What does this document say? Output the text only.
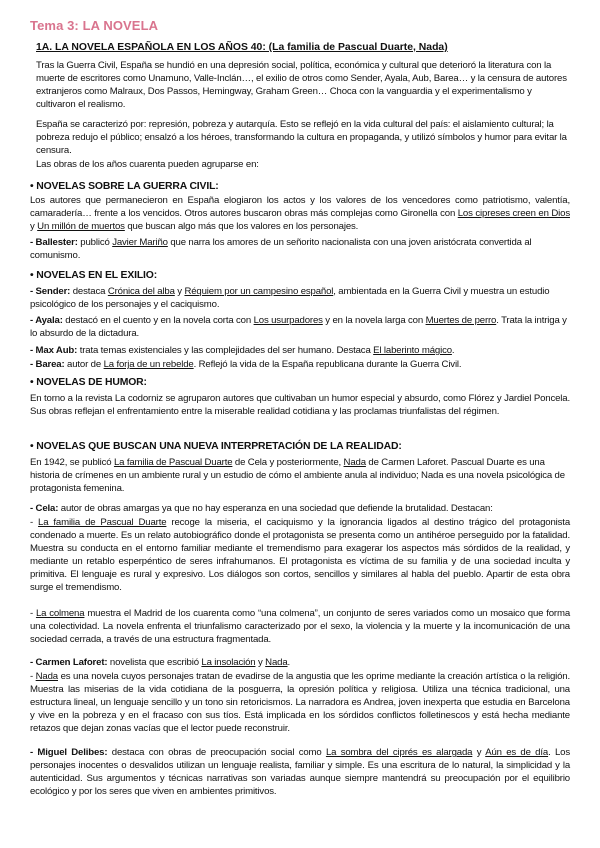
Tema 3: LA NOVELA
1A. LA NOVELA ESPAÑOLA EN LOS AÑOS 40: (La familia de Pascual Duarte, Nada)
Tras la Guerra Civil, España se hundió en una depresión social, política, económica y cultural que deterioró la literatura con la muerte de escritores como Unamuno, Valle-Inclán…, el exilio de otros como Sender, Ayala, Aub, Barea… y la censura de autores extranjeros como Malraux, Dos Passos, Hemingway, Graham Green… Choca con la vanguardia y el experimentalismo y cultivaron el realismo.
España se caracterizó por: represión, pobreza y autarquía. Esto se reflejó en la vida cultural del país: el aislamiento cultural; la pobreza redujo el público; ensalzó a los héroes, transformando la cultura en propaganda, y utilizó símbolos y humor para evitar la censura.
Las obras de los años cuarenta pueden agruparse en:
• NOVELAS SOBRE LA GUERRA CIVIL:
Los autores que permanecieron en España elogiaron los actos y los valores de los vencedores como patriotismo, valentía, camaradería… frente a los vencidos. Otros autores buscaron obras más complejas como Gironella con Los cipreses creen en Dios y Un millón de muertos que buscan algo más que los valores en los personajes.
- Ballester: publicó Javier Mariño que narra los amores de un señorito nacionalista con una joven aristócrata convertida al comunismo.
• NOVELAS EN EL EXILIO:
- Sender: destaca Crónica del alba y Réquiem por un campesino español, ambientada en la Guerra Civil y muestra un estudio psicológico de los personajes y el caciquismo.
- Ayala: destacó en el cuento y en la novela corta con Los usurpadores y en la novela larga con Muertes de perro. Trata la intriga y lo absurdo de la dictadura.
- Max Aub: trata temas existenciales y las complejidades del ser humano. Destaca El laberinto mágico.
- Barea: autor de La forja de un rebelde. Reflejó la vida de la España republicana durante la Guerra Civil.
• NOVELAS DE HUMOR:
En torno a la revista La codorniz se agruparon autores que cultivaban un humor especial y absurdo, como Flórez y Jardiel Poncela. Sus obras reflejan el enfrentamiento entre la miserable realidad cotidiana y las proclamas triunfalistas del régimen.
• NOVELAS QUE BUSCAN UNA NUEVA INTERPRETACIÓN DE LA REALIDAD:
En 1942, se publicó La familia de Pascual Duarte de Cela y posteriormente, Nada de Carmen Laforet. Pascual Duarte es una historia de crímenes en un ambiente rural y un estudio de cómo el ambiente anula al individuo; Nada es una novela psicológica de protagonista femenina.
- Cela: autor de obras amargas ya que no hay esperanza en una sociedad que defiende la brutalidad. Destacan:
- La familia de Pascual Duarte recoge la miseria, el caciquismo y la ignorancia ligados al destino trágico del protagonista condenado a muerte. Es un relato autobiográfico donde el protagonista se presenta como un antihéroe perseguido por la fatalidad. Muestra su conducta en el entorno familiar mediante el tremendismo para exagerar los aspectos más sórdidos de la realidad, y mediante un retablo esperpéntico de seres infrahumanos. El protagonista es víctima de su familia y de una sociedad inculta y primitiva. El lenguaje es rural y expresivo. Los diálogos son cortos, sencillos y similares al habla del pueblo. Apartir de esta obra surge el tremendismo.
- La colmena muestra el Madrid de los cuarenta como “una colmena”, un conjunto de seres variados como un mosaico que forma una colectividad. La novela enfrenta el triunfalismo caracterizado por el sexo, la violencia y la muerte y la incomunicación de una sociedad cerrada, a través de una estructura fragmentada.
- Carmen Laforet: novelista que escribió La insolación y Nada.
- Nada es una novela cuyos personajes tratan de evadirse de la angustia que les oprime mediante la creación artística o la religión. Muestra las miserias de la vida cotidiana de la posguerra, la opresión política y religiosa. Utiliza una técnica tradicional, una estructura lineal, un lenguaje sencillo y un tono sin retoricismos. La narradora es Andrea, joven inexperta que estudia en Barcelona y vive en la pobreza y en el fracaso con sus tíos. Está implicada en los sórdidos conflictos folletinescos y está hecha mediante retazos que dejan zonas vacías que el lector puede reconstruir.
- Miguel Delibes: destaca con obras de preocupación social como La sombra del ciprés es alargada y Aún es de día. Los personajes inocentes o desvalidos utilizan un lenguaje realista, familiar y simple. Es una escritura de lo natural, la simplicidad y la autenticidad. Sus argumentos y técnicas narrativas son variadas aunque siempre mantendrá su preocupación por el equilibrio ecológico y por los seres que viven en ambientes primitivos.
